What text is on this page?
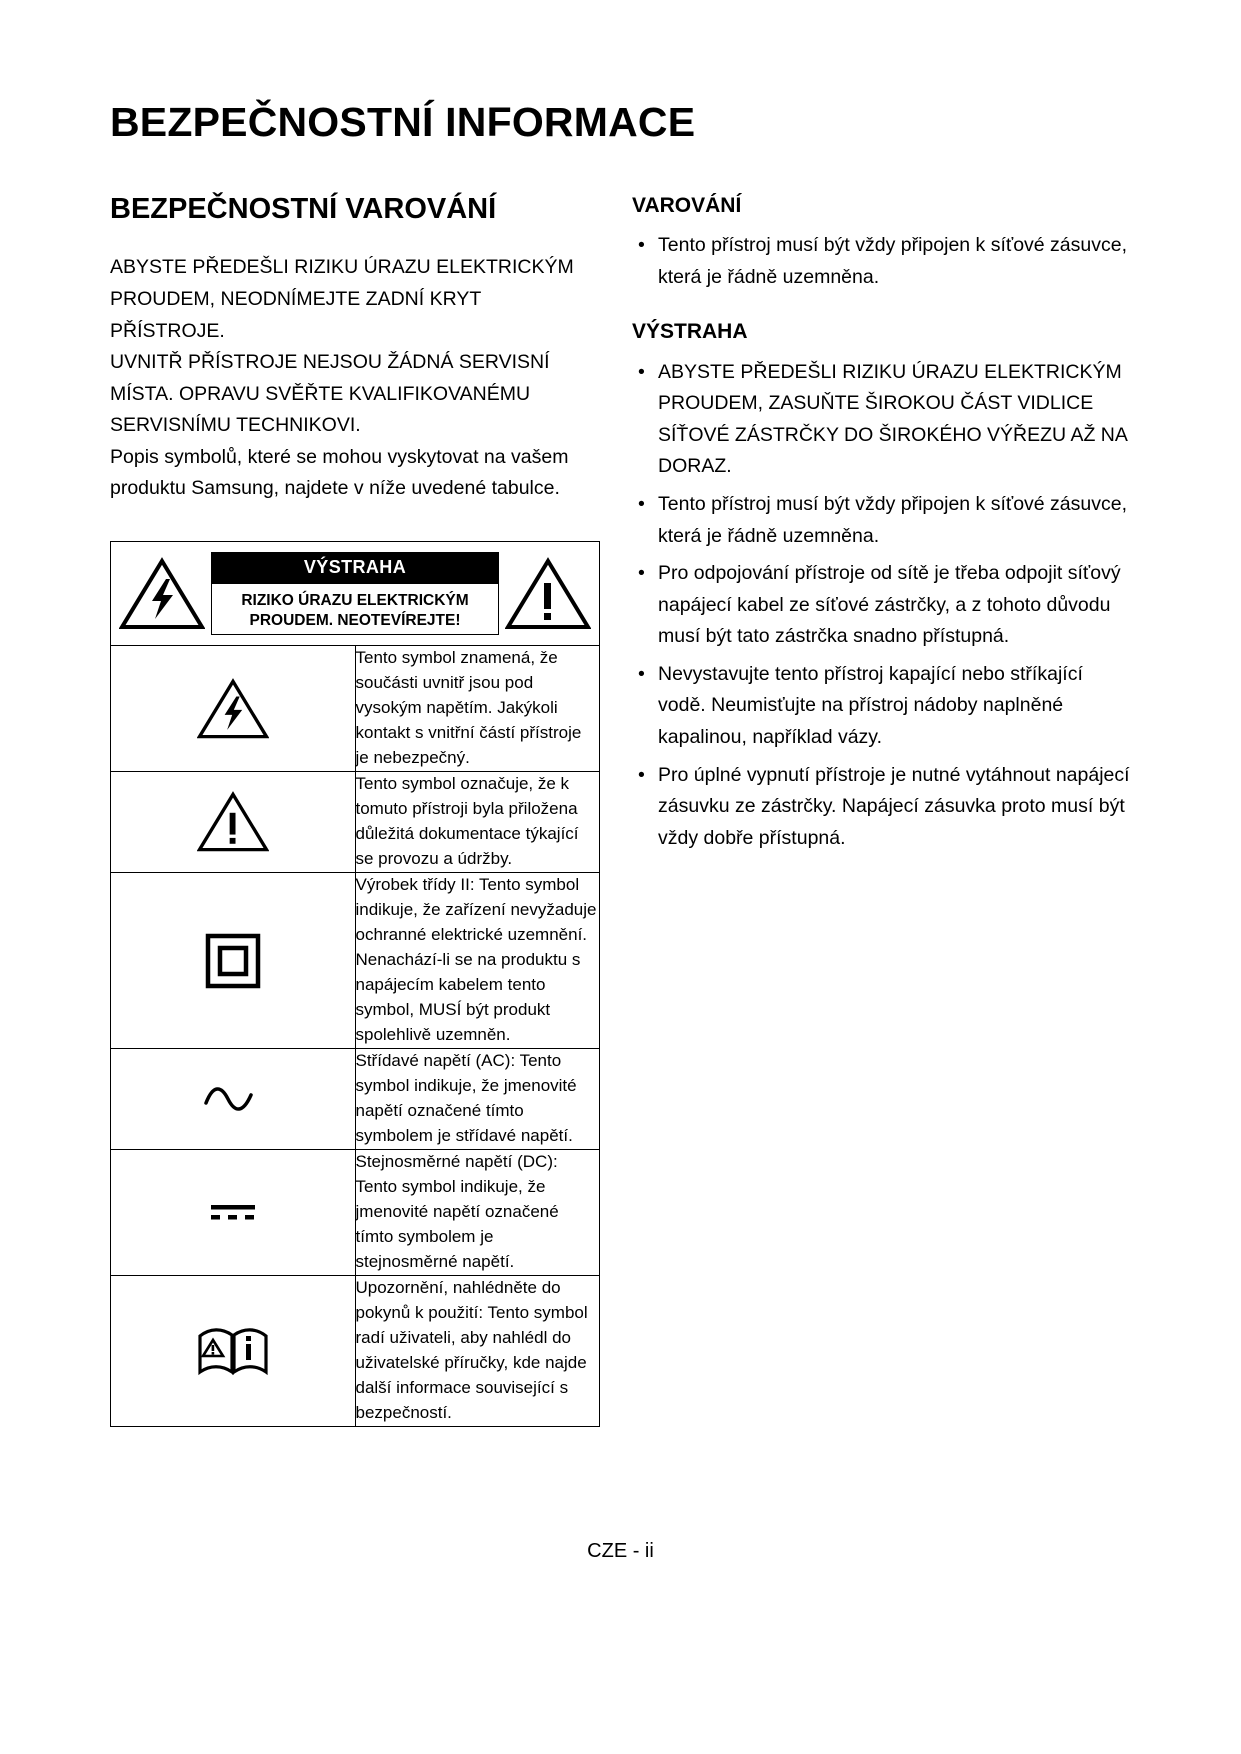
BEZPEČNOSTNÍ INFORMACE
BEZPEČNOSTNÍ VAROVÁNÍ

ABYSTE PŘEDEŠLI RIZIKU ÚRAZU ELEKTRICKÝM PROUDEM, NEODNÍMEJTE ZADNÍ KRYT PŘÍSTROJE.

UVNITŘ PŘÍSTROJE NEJSOU ŽÁDNÁ SERVISNÍ MÍSTA. OPRAVU SVĚŘTE KVALIFIKOVANÉMU SERVISNÍMU TECHNIKOVI.

Popis symbolů, které se mohou vyskytovat na vašem produktu Samsung, najdete v níže uvedené tabulce.

VÝSTRAHA
RIZIKO ÚRAZU ELEKTRICKÝM PROUDEM. NEOTEVÍREJTE!	

	Tento symbol znamená, že součásti uvnitř jsou pod vysokým napětím. Jakýkoli kontakt s vnitřní částí přístroje je nebezpečný.

	Tento symbol označuje, že k tomuto přístroji byla přiložena důležitá dokumentace týkající se provozu a údržby.

	Výrobek třídy II: Tento symbol indikuje, že zařízení nevyžaduje ochranné elektrické uzemnění. Nenachází-li se na produktu s napájecím kabelem tento symbol, MUSÍ být produkt spolehlivě uzemněn.

	Střídavé napětí (AC): Tento symbol indikuje, že jmenovité napětí označené tímto symbolem je střídavé napětí.

	Stejnosměrné napětí (DC): Tento symbol indikuje, že jmenovité napětí označené tímto symbolem je stejnosměrné napětí.

	Upozornění, nahlédněte do pokynů k použití: Tento symbol radí uživateli, aby nahlédl do uživatelské příručky, kde najde další informace související s bezpečností.
VAROVÁNÍ
• Tento přístroj musí být vždy připojen k síťové zásuvce, která je řádně uzemněna.
VÝSTRAHA
• ABYSTE PŘEDEŠLI RIZIKU ÚRAZU ELEKTRICKÝM PROUDEM, ZASUŇTE ŠIROKOU ČÁST VIDLICE SÍŤOVÉ ZÁSTRČKY DO ŠIROKÉHO VÝŘEZU AŽ NA DORAZ.
• Tento přístroj musí být vždy připojen k síťové zásuvce, která je řádně uzemněna.
• Pro odpojování přístroje od sítě je třeba odpojit síťový napájecí kabel ze síťové zástrčky, a z tohoto důvodu musí být tato zástrčka snadno přístupná.
• Nevystavujte tento přístroj kapající nebo stříkající vodě. Neumisťujte na přístroj nádoby naplněné kapalinou, například vázy.
• Pro úplné vypnutí přístroje je nutné vytáhnout napájecí zásuvku ze zástrčky. Napájecí zásuvka proto musí být vždy dobře přístupná.
CZE - ii
